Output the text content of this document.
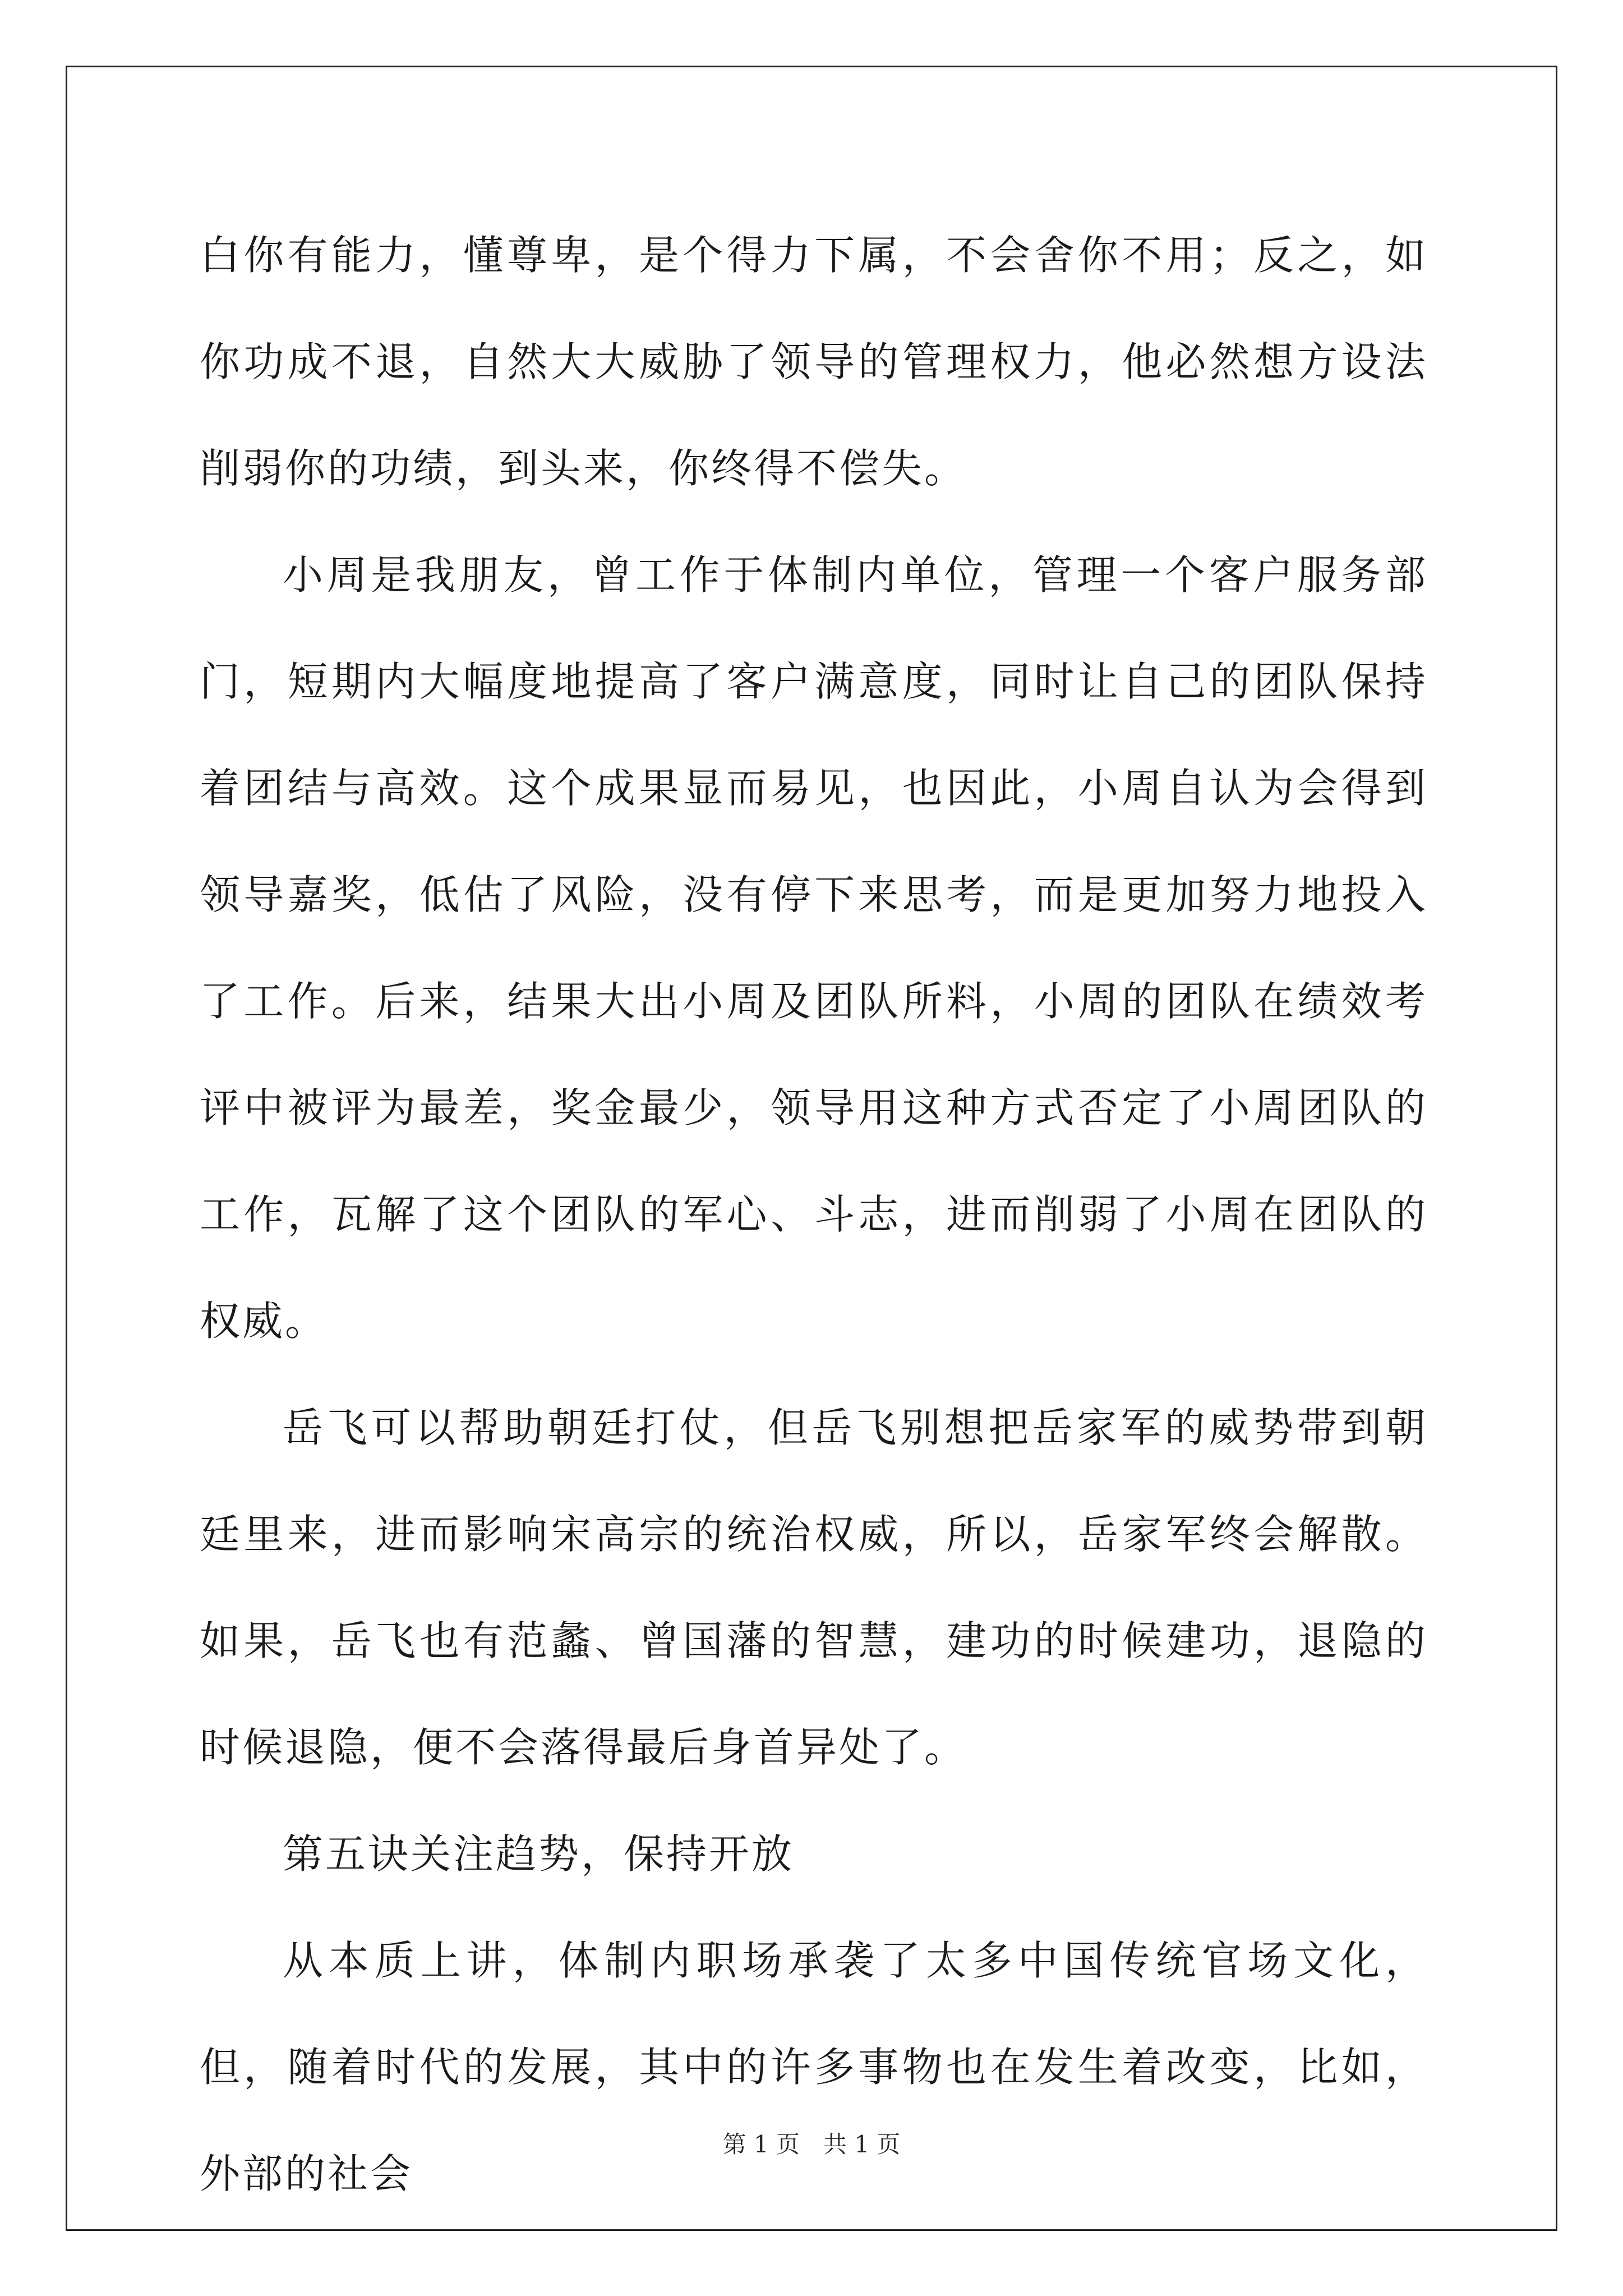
白你有能力，懂尊卑，是个得力下属，不会舍你不用；反之，如你功成不退，自然大大威胁了领导的管理权力，他必然想方设法削弱你的功绩，到头来，你终得不偿失。

小周是我朋友，曾工作于体制内单位，管理一个客户服务部门，短期内大幅度地提高了客户满意度，同时让自己的团队保持着团结与高效。这个成果显而易见，也因此，小周自认为会得到领导嘉奖，低估了风险，没有停下来思考，而是更加努力地投入了工作。后来，结果大出小周及团队所料，小周的团队在绩效考评中被评为最差，奖金最少，领导用这种方式否定了小周团队的工作，瓦解了这个团队的军心、斗志，进而削弱了小周在团队的权威。

岳飞可以帮助朝廷打仗，但岳飞别想把岳家军的威势带到朝廷里来，进而影响宋高宗的统治权威，所以，岳家军终会解散。如果，岳飞也有范蠡、曾国藩的智慧，建功的时候建功，退隐的时候退隐，便不会落得最后身首异处了。

第五诀关注趋势，保持开放

从本质上讲，体制内职场承袭了太多中国传统官场文化，但，随着时代的发展，其中的许多事物也在发生着改变，比如，外部的社会

第 1 页　共 1 页
